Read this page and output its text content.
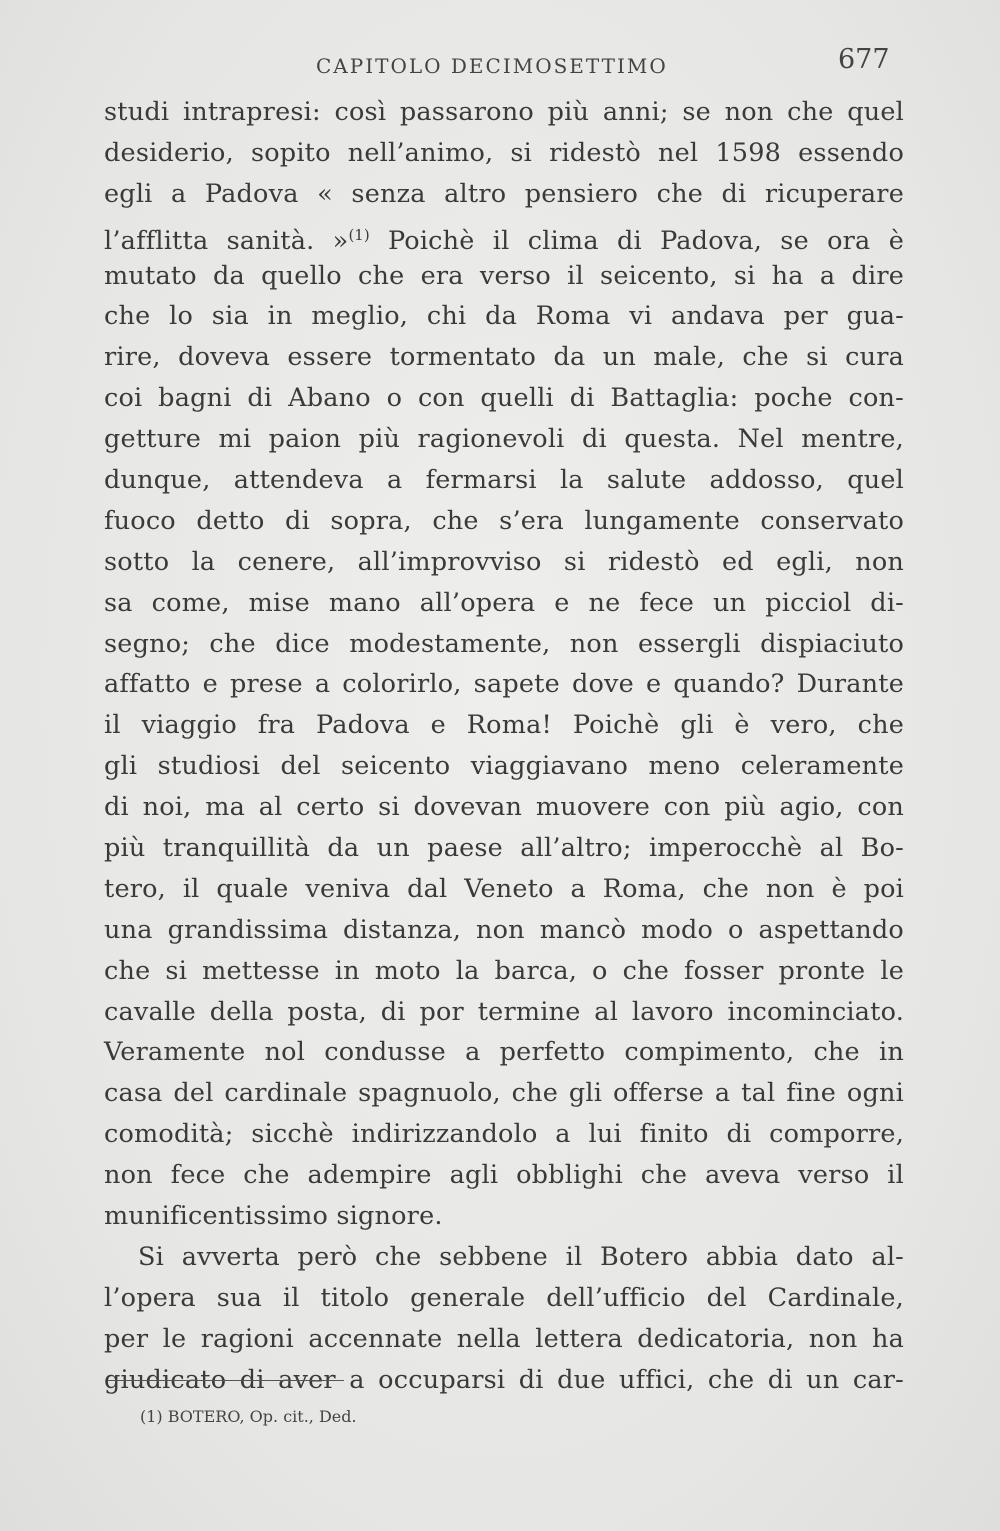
CAPITOLO DECIMOSETTIMO	677
studi intrapresi: così passarono più anni; se non che quel
desiderio, sopito nell’animo, si ridestò nel 1598 essendo
egli a Padova « senza altro pensiero che di ricuperare
l’afflitta sanità. »$^{(1)}$ Poichè il clima di Padova, se ora è
mutato da quello che era verso il seicento, si ha a dire
che lo sia in meglio, chi da Roma vi andava per gua-
rire, doveva essere tormentato da un male, che si cura
coi bagni di Abano o con quelli di Battaglia: poche con-
getture mi paion più ragionevoli di questa. Nel mentre,
dunque, attendeva a fermarsi la salute addosso, quel
fuoco detto di sopra, che s’era lungamente conservato
sotto la cenere, all’improvviso si ridestò ed egli, non
sa come, mise mano all’opera e ne fece un picciol di-
segno; che dice modestamente, non essergli dispiaciuto
affatto e prese a colorirlo, sapete dove e quando? Durante
il viaggio fra Padova e Roma! Poichè gli è vero, che
gli studiosi del seicento viaggiavano meno celeramente
di noi, ma al certo si dovevan muovere con più agio, con
più tranquillità da un paese all’altro; imperocchè al Bo-
tero, il quale veniva dal Veneto a Roma, che non è poi
una grandissima distanza, non mancò modo o aspettando
che si mettesse in moto la barca, o che fosser pronte le
cavalle della posta, di por termine al lavoro incominciato.
Veramente nol condusse a perfetto compimento, che in
casa del cardinale spagnuolo, che gli offerse a tal fine ogni
comodità; sicchè indirizzandolo a lui finito di comporre,
non fece che adempire agli obblighi che aveva verso il
munificentissimo signore.
Si avverta però che sebbene il Botero abbia dato al-
l’opera sua il titolo generale dell’ufficio del Cardinale,
per le ragioni accennate nella lettera dedicatoria, non ha
giudicato di aver a occuparsi di due uffici, che di un car-
(1) BOTERO, Op. cit., Ded.
